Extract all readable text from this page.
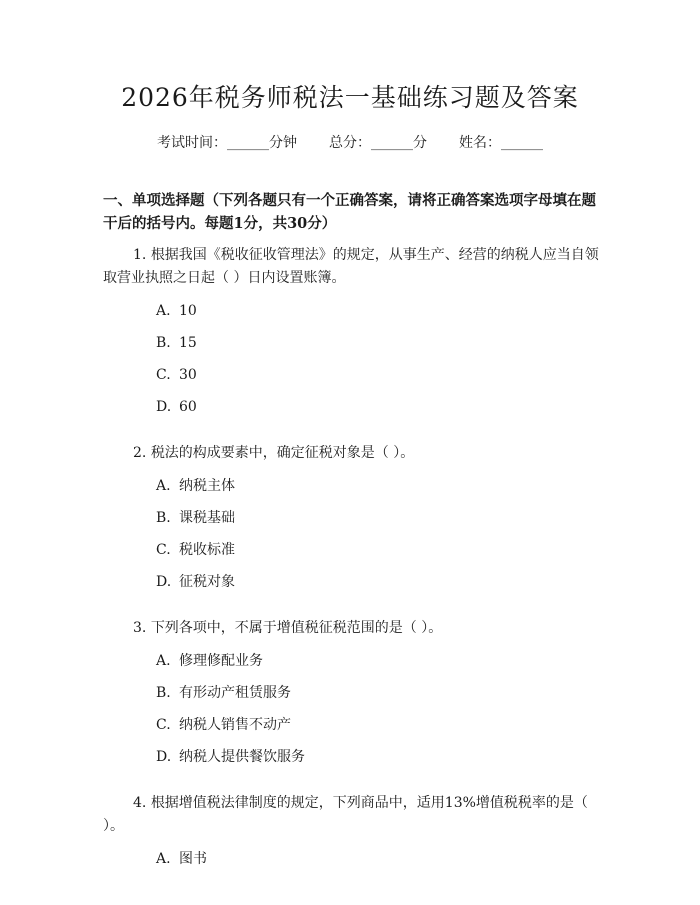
2026年税务师税法一基础练习题及答案
考试时间：______分钟 总分：______分 姓名：______
一、单项选择题（下列各题只有一个正确答案，请将正确答案选项字母填在题干后的括号内。每题1分，共30分）
1. 根据我国《税收征收管理法》的规定，从事生产、经营的纳税人应当自领取营业执照之日起（ ）日内设置账簿。
A. 10
B. 15
C. 30
D. 60
2. 税法的构成要素中，确定征税对象是（ ）。
A. 纳税主体
B. 课税基础
C. 税收标准
D. 征税对象
3. 下列各项中，不属于增值税征税范围的是（ ）。
A. 修理修配业务
B. 有形动产租赁服务
C. 纳税人销售不动产
D. 纳税人提供餐饮服务
4. 根据增值税法律制度的规定，下列商品中，适用13%增值税税率的是（ ）。
A. 图书
